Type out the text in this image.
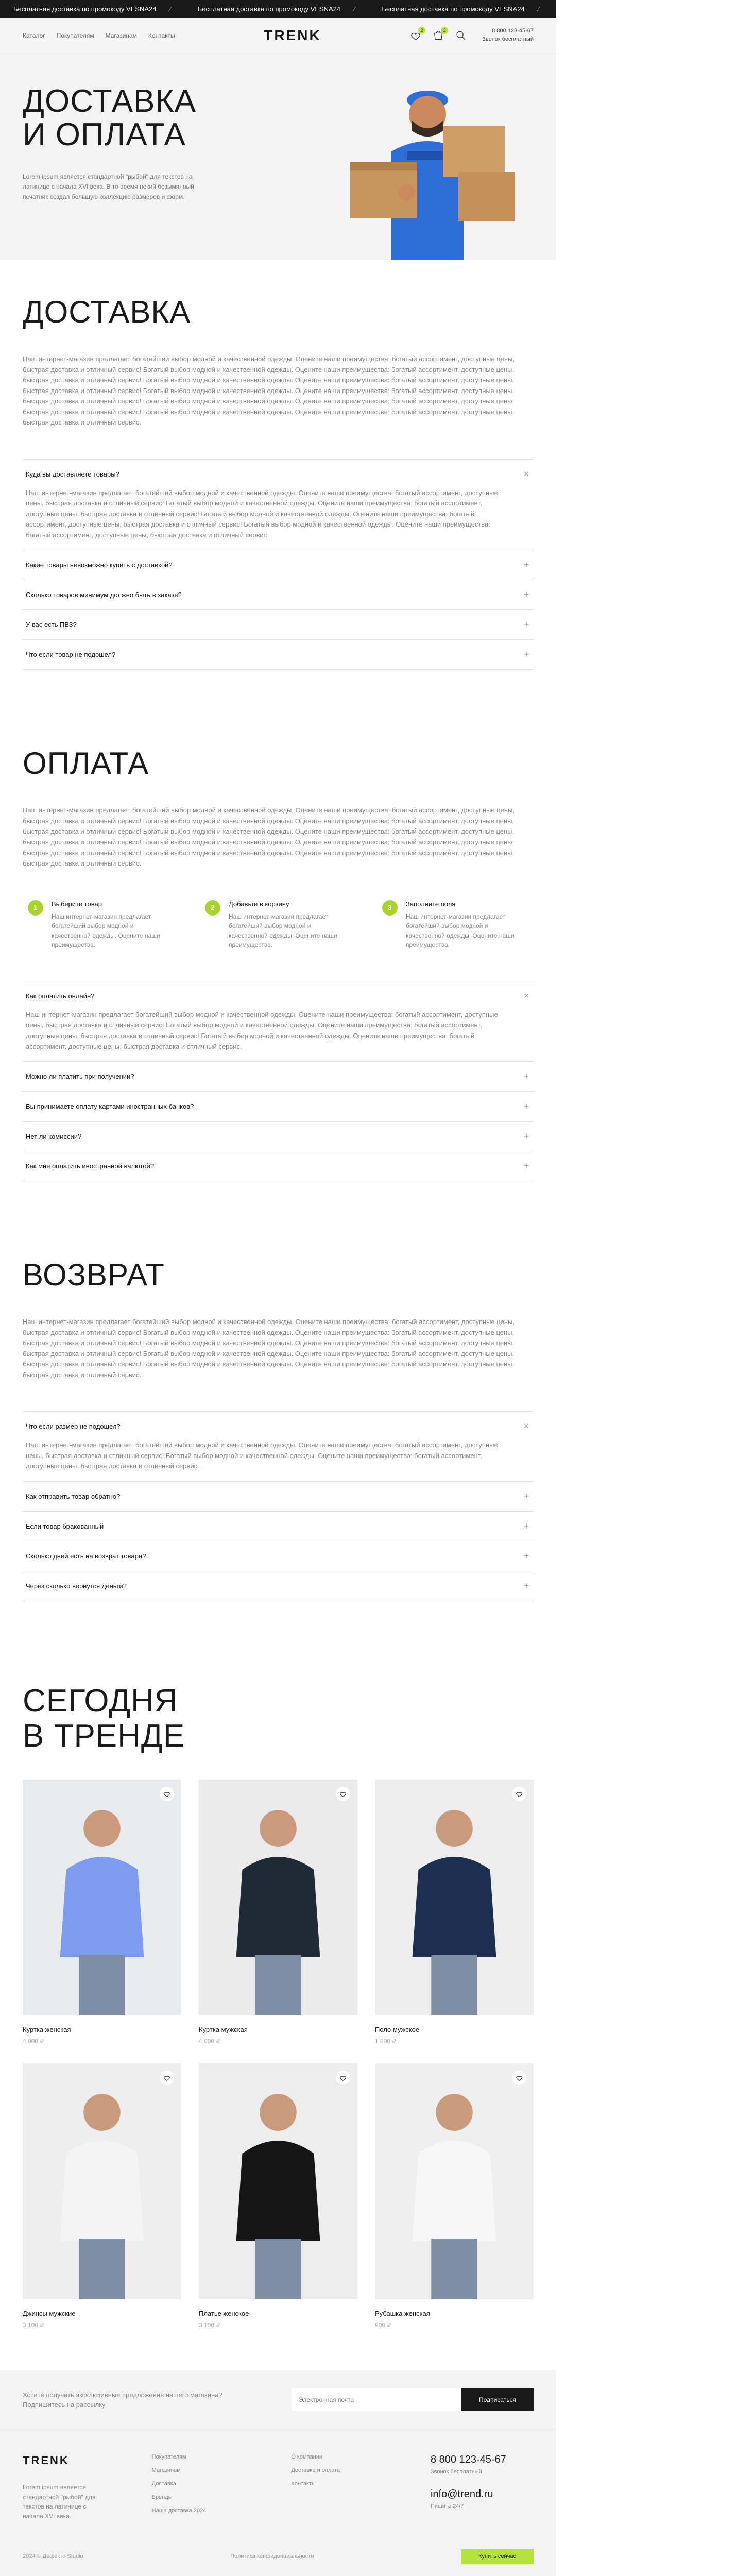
Бесплатная доставка по промокоду VESNA24 ⁄	Бесплатная доставка по промокоду VESNA24 ⁄	Бесплатная доставка по промокоду VESNA24 ⁄	Бесплатная доставка по промокоду VESNA24 ⁄
Каталог Покупателям Магазинам Контакты	TRENK	2	3	8 800 123-45-67
Звонок бесплатный
ДОСТАВКА
И ОПЛАТА

Lorem ipsum является стандартной "рыбой" для текстов на латинице с начала XVI века. В то время некий безымянный печатник создал большую коллекцию размеров и форм.

ДОСТАВКА

Наш интернет-магазин предлагает богатейший выбор модной и качественной одежды. Оцените наши преимущества: богатый ассортимент, доступные цены, быстрая доставка и отличный сервис! Богатый выбор модной и качественной одежды. Оцените наши преимущества: богатый ассортимент, доступные цены, быстрая доставка и отличный сервис! Богатый выбор модной и качественной одежды. Оцените наши преимущества: богатый ассортимент, доступные цены, быстрая доставка и отличный сервис! Богатый выбор модной и качественной одежды. Оцените наши преимущества: богатый ассортимент, доступные цены, быстрая доставка и отличный сервис! Богатый выбор модной и качественной одежды. Оцените наши преимущества: богатый ассортимент, доступные цены, быстрая доставка и отличный сервис! Богатый выбор модной и качественной одежды. Оцените наши преимущества: богатый ассортимент, доступные цены, быстрая доставка и отличный сервис.

Куда вы доставляете товары?	×
Наш интернет-магазин предлагает богатейший выбор модной и качественной одежды. Оцените наши преимущества: богатый ассортимент, доступные цены, быстрая доставка и отличный сервис! Богатый выбор модной и качественной одежды. Оцените наши преимущества: богатый ассортимент, доступные цены, быстрая доставка и отличный сервис! Богатый выбор модной и качественной одежды. Оцените наши преимущества: богатый ассортимент, доступные цены, быстрая доставка и отличный сервис! Богатый выбор модной и качественной одежды. Оцените наши преимущества: богатый ассортимент, доступные цены, быстрая доставка и отличный сервис.
Какие товары невозможно купить с доставкой?	+
Сколько товаров минимум должно быть в заказе?	+
У вас есть ПВЗ?	+
Что если товар не подошел?	+
ОПЛАТА

Наш интернет-магазин предлагает богатейший выбор модной и качественной одежды. Оцените наши преимущества: богатый ассортимент, доступные цены, быстрая доставка и отличный сервис! Богатый выбор модной и качественной одежды. Оцените наши преимущества: богатый ассортимент, доступные цены, быстрая доставка и отличный сервис! Богатый выбор модной и качественной одежды. Оцените наши преимущества: богатый ассортимент, доступные цены, быстрая доставка и отличный сервис! Богатый выбор модной и качественной одежды. Оцените наши преимущества: богатый ассортимент, доступные цены, быстрая доставка и отличный сервис! Богатый выбор модной и качественной одежды. Оцените наши преимущества: богатый ассортимент, доступные цены, быстрая доставка и отличный сервис.

1	Выберите товар

Наш интернет-магазин предлагает богатейший выбор модной и качественной одежды. Оцените наши преимущества.

2	Добавьте в корзину

Наш интернет-магазин предлагает богатейший выбор модной и качественной одежды. Оцените наши преимущества.

3	Заполните поля

Наш интернет-магазин предлагает богатейший выбор модной и качественной одежды. Оцените наши преимущества.

Как оплатить онлайн?	×
Наш интернет-магазин предлагает богатейший выбор модной и качественной одежды. Оцените наши преимущества: богатый ассортимент, доступные цены, быстрая доставка и отличный сервис! Богатый выбор модной и качественной одежды. Оцените наши преимущества: богатый ассортимент, доступные цены, быстрая доставка и отличный сервис! Богатый выбор модной и качественной одежды. Оцените наши преимущества: богатый ассортимент, доступные цены, быстрая доставка и отличный сервис.
Можно ли платить при получении?	+
Вы принимаете оплату картами иностранных банков?	+
Нет ли комиссии?	+
Как мне оплатить иностранной валютой?	+
ВОЗВРАТ

Наш интернет-магазин предлагает богатейший выбор модной и качественной одежды. Оцените наши преимущества: богатый ассортимент, доступные цены, быстрая доставка и отличный сервис! Богатый выбор модной и качественной одежды. Оцените наши преимущества: богатый ассортимент, доступные цены, быстрая доставка и отличный сервис! Богатый выбор модной и качественной одежды. Оцените наши преимущества: богатый ассортимент, доступные цены, быстрая доставка и отличный сервис! Богатый выбор модной и качественной одежды. Оцените наши преимущества: богатый ассортимент, доступные цены, быстрая доставка и отличный сервис! Богатый выбор модной и качественной одежды. Оцените наши преимущества: богатый ассортимент, доступные цены, быстрая доставка и отличный сервис.

Что если размер не подошел?	×
Наш интернет-магазин предлагает богатейший выбор модной и качественной одежды. Оцените наши преимущества: богатый ассортимент, доступные цены, быстрая доставка и отличный сервис! Богатый выбор модной и качественной одежды. Оцените наши преимущества: богатый ассортимент, доступные цены, быстрая доставка и отличный сервис.
Как отправить товар обратно?	+
Если товар бракованный	+
Сколько дней есть на возврат товара?	+
Через сколько вернутся деньги?	+
СЕГОДНЯ
В ТРЕНДЕ
Куртка женская
4 000 ₽
Куртка мужская
4 000 ₽
Поло мужское
1 800 ₽
Джинсы мужские
3 100 ₽
Платье женское
3 100 ₽
Рубашка женская
900 ₽

Хотите получать эксклюзивные предложения нашего магазина? Подпишитесь на рассылку

Электронная почта
Подписаться
TRENK

Lorem ipsum является стандартной "рыбой" для текстов на латинице с начала XVI века.

Покупателям
Магазинам
Доставка
Бренды
Наша доставка 2024
О компании
Доставка и оплата
Контакты
8 800 123-45-67
Звонок бесплатный
info@trend.ru
Пишите 24/7
2024 © Дефекто Studio	Политика конфиденциальности	Купить сейчас
